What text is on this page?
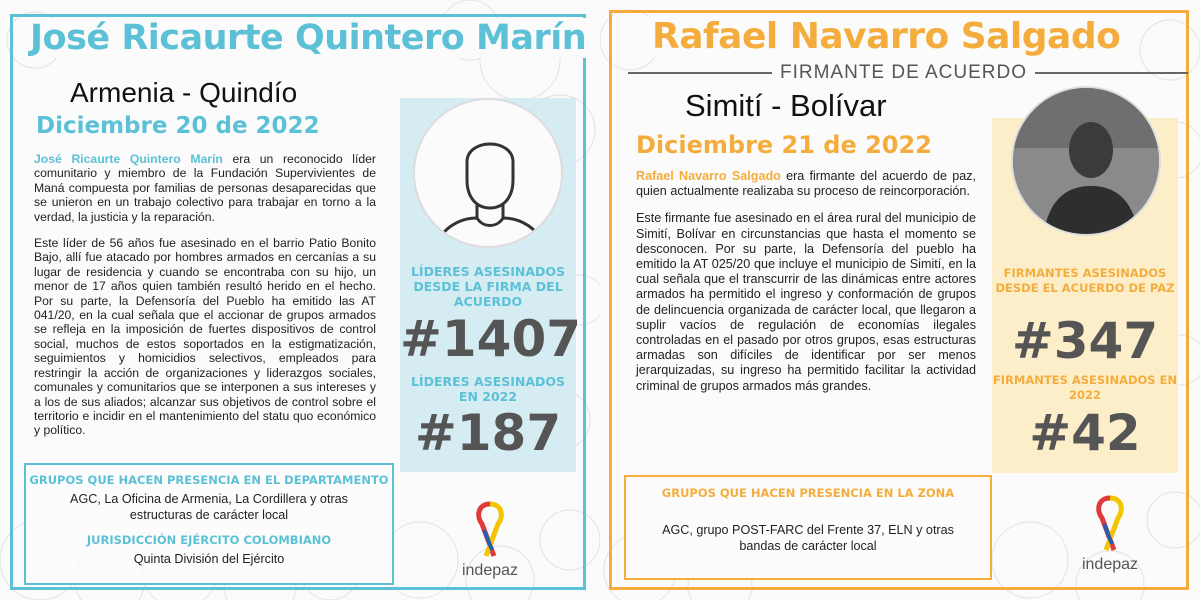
José Ricaurte Quintero Marín
Armenia - Quindío
Diciembre 20 de 2022

José Ricaurte Quintero Marín era un reconocido líder comunitario y miembro de la Fundación Supervivientes de Maná compuesta por familias de personas desaparecidas que se unieron en un trabajo colectivo para trabajar en torno a la verdad, la justicia y la reparación.

Este líder de 56 años fue asesinado en el barrio Patio Bonito Bajo, allí fue atacado por hombres armados en cercanías a su lugar de residencia y cuando se encontraba con su hijo, un menor de 17 años quien también resultó herido en el hecho. Por su parte, la Defensoría del Pueblo ha emitido las AT 041/20, en la cual señala que el accionar de grupos armados se refleja en la imposición de fuertes dispositivos de control social, muchos de estos soportados en la estigmatización, seguimientos y homicidios selectivos, empleados para restringir la acción de organizaciones y liderazgos sociales, comunales y comunitarios que se interponen a sus intereses y a los de sus aliados; alcanzar sus objetivos de control sobre el territorio e incidir en el mantenimiento del statu quo económico y político.

LÍDERES ASESINADOS DESDE LA FIRMA DEL ACUERDO
#1407
LÍDERES ASESINADOS EN 2022
#187
GRUPOS QUE HACEN PRESENCIA EN EL DEPARTAMENTO
AGC, La Oficina de Armenia, La Cordillera y otras estructuras de carácter local
JURISDICCIÓN EJÉRCITO COLOMBIANO
Quinta División del Ejército
indepaz
Rafael Navarro Salgado
FIRMANTE DE ACUERDO
Simití - Bolívar
Diciembre 21 de 2022

Rafael Navarro Salgado era firmante del acuerdo de paz, quien actualmente realizaba su proceso de reincorporación.

Este firmante fue asesinado en el área rural del municipio de Simití, Bolívar en circunstancias que hasta el momento se desconocen. Por su parte, la Defensoría del pueblo ha emitido la AT 025/20 que incluye el municipio de Simití, en la cual señala que el transcurrir de las dinámicas entre actores armados ha permitido el ingreso y conformación de grupos de delincuencia organizada de carácter local, que llegaron a suplir vacíos de regulación de economías ilegales controladas en el pasado por otros grupos, esas estructuras armadas son difíciles de identificar por ser menos jerarquizadas, su ingreso ha permitido facilitar la actividad criminal de grupos armados más grandes.

FIRMANTES ASESINADOS DESDE EL ACUERDO DE PAZ
#347
FIRMANTES ASESINADOS EN 2022
#42
GRUPOS QUE HACEN PRESENCIA EN LA ZONA
AGC, grupo POST-FARC del Frente 37, ELN y otras bandas de carácter local
indepaz
